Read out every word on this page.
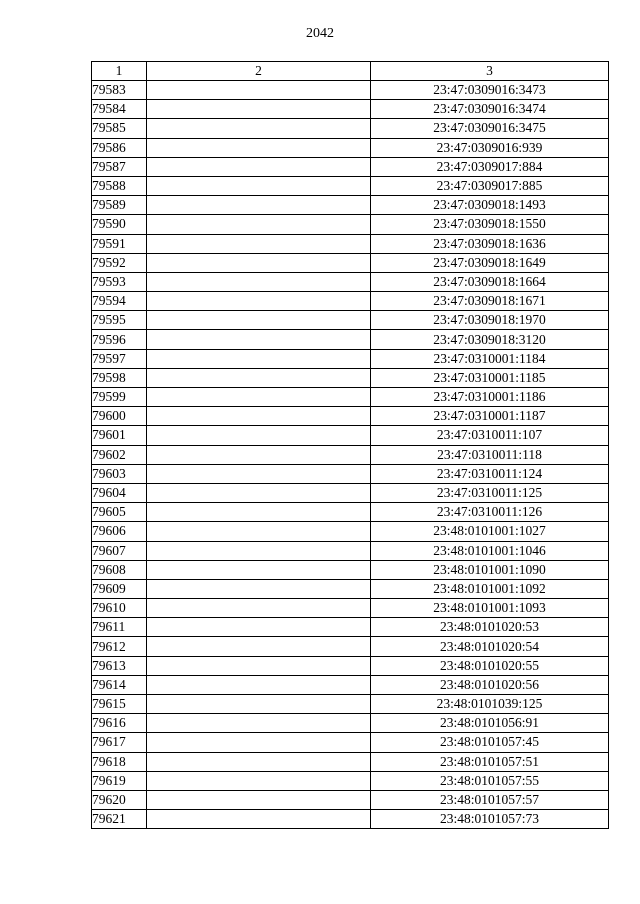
2042
1	2	3
79583		23:47:0309016:3473
79584		23:47:0309016:3474
79585		23:47:0309016:3475
79586		23:47:0309016:939
79587		23:47:0309017:884
79588		23:47:0309017:885
79589		23:47:0309018:1493
79590		23:47:0309018:1550
79591		23:47:0309018:1636
79592		23:47:0309018:1649
79593		23:47:0309018:1664
79594		23:47:0309018:1671
79595		23:47:0309018:1970
79596		23:47:0309018:3120
79597		23:47:0310001:1184
79598		23:47:0310001:1185
79599		23:47:0310001:1186
79600		23:47:0310001:1187
79601		23:47:0310011:107
79602		23:47:0310011:118
79603		23:47:0310011:124
79604		23:47:0310011:125
79605		23:47:0310011:126
79606		23:48:0101001:1027
79607		23:48:0101001:1046
79608		23:48:0101001:1090
79609		23:48:0101001:1092
79610		23:48:0101001:1093
79611		23:48:0101020:53
79612		23:48:0101020:54
79613		23:48:0101020:55
79614		23:48:0101020:56
79615		23:48:0101039:125
79616		23:48:0101056:91
79617		23:48:0101057:45
79618		23:48:0101057:51
79619		23:48:0101057:55
79620		23:48:0101057:57
79621		23:48:0101057:73
